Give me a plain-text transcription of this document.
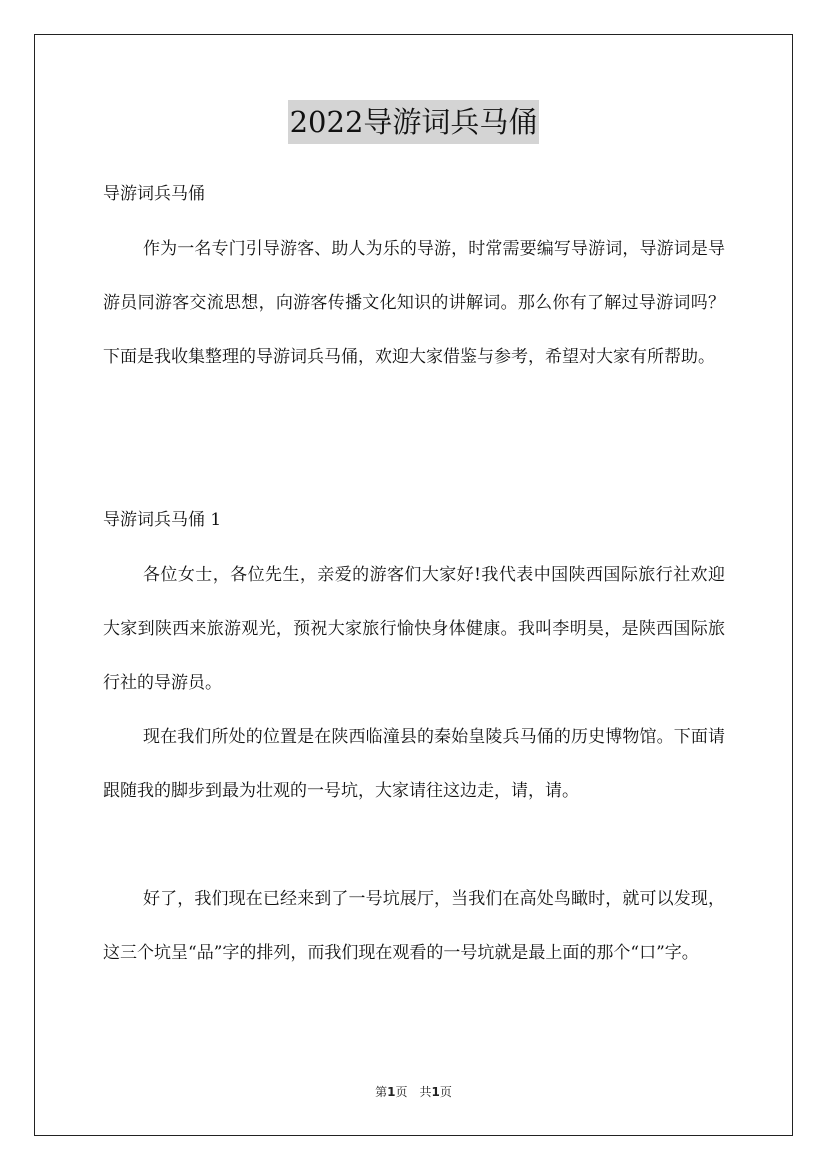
2022导游词兵马俑
导游词兵马俑

作为一名专门引导游客、助人为乐的导游，时常需要编写导游词，导游词是导游员同游客交流思想，向游客传播文化知识的讲解词。那么你有了解过导游词吗？下面是我收集整理的导游词兵马俑，欢迎大家借鉴与参考，希望对大家有所帮助。

导游词兵马俑 1

各位女士，各位先生，亲爱的游客们大家好!我代表中国陕西国际旅行社欢迎大家到陕西来旅游观光，预祝大家旅行愉快身体健康。我叫李明昊，是陕西国际旅行社的导游员。

现在我们所处的位置是在陕西临潼县的秦始皇陵兵马俑的历史博物馆。下面请跟随我的脚步到最为壮观的一号坑，大家请往这边走，请，请。

好了，我们现在已经来到了一号坑展厅，当我们在高处鸟瞰时，就可以发现，这三个坑呈“品”字的排列，而我们现在观看的一号坑就是最上面的那个“口”字。

第1页　共1页
